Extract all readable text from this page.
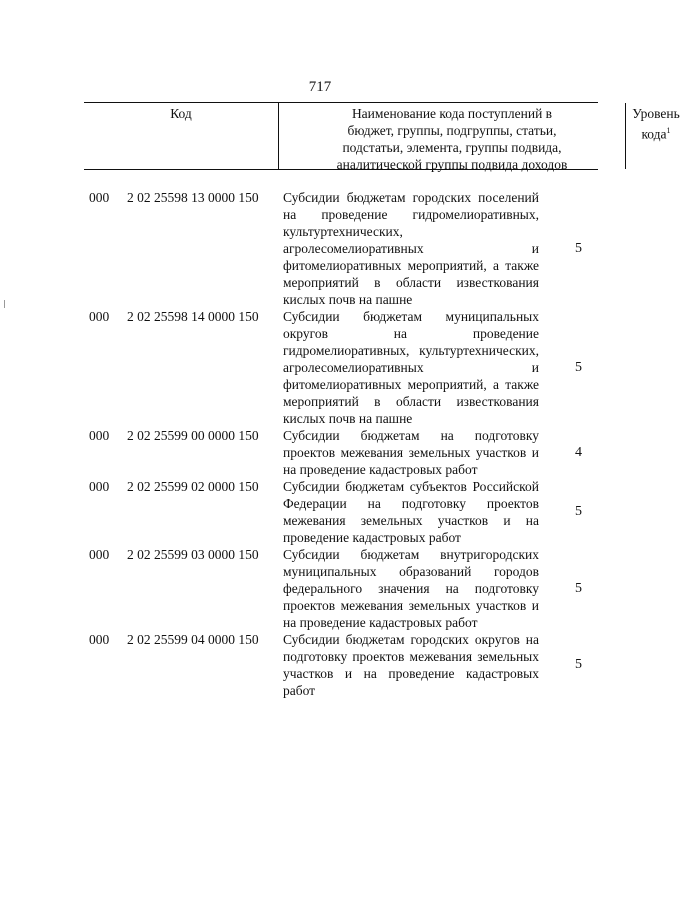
717
Код	Наименование кода поступлений в
бюджет, группы, подгруппы, статьи,
подстатьи, элемента, группы подвида,
аналитической группы подвида доходов
Уровень
кода$^1$
000 2 02 25598 13 0000 150 Субсидии бюджетам городских поселений на проведение гидромелиоративных, культуртехнических, агролесомелиоративных и фитомелиоративных мероприятий, а также мероприятий в области известкования кислых почв на пашне
5
000 2 02 25598 14 0000 150 Субсидии бюджетам муниципальных округов на проведение гидромелиоративных, культуртехнических, агролесомелиоративных и фитомелиоративных мероприятий, а также мероприятий в области известкования кислых почв на пашне
5
000 2 02 25599 00 0000 150 Субсидии бюджетам на подготовку проектов межевания земельных участков и на проведение кадастровых работ
4
000 2 02 25599 02 0000 150 Субсидии бюджетам субъектов Российской Федерации на подготовку проектов межевания земельных участков и на проведение кадастровых работ
5
000 2 02 25599 03 0000 150 Субсидии бюджетам внутригородских муниципальных образований городов федерального значения на подготовку проектов межевания земельных участков и на проведение кадастровых работ
5
000 2 02 25599 04 0000 150 Субсидии бюджетам городских округов на подготовку проектов межевания земельных участков и на проведение кадастровых работ
5
